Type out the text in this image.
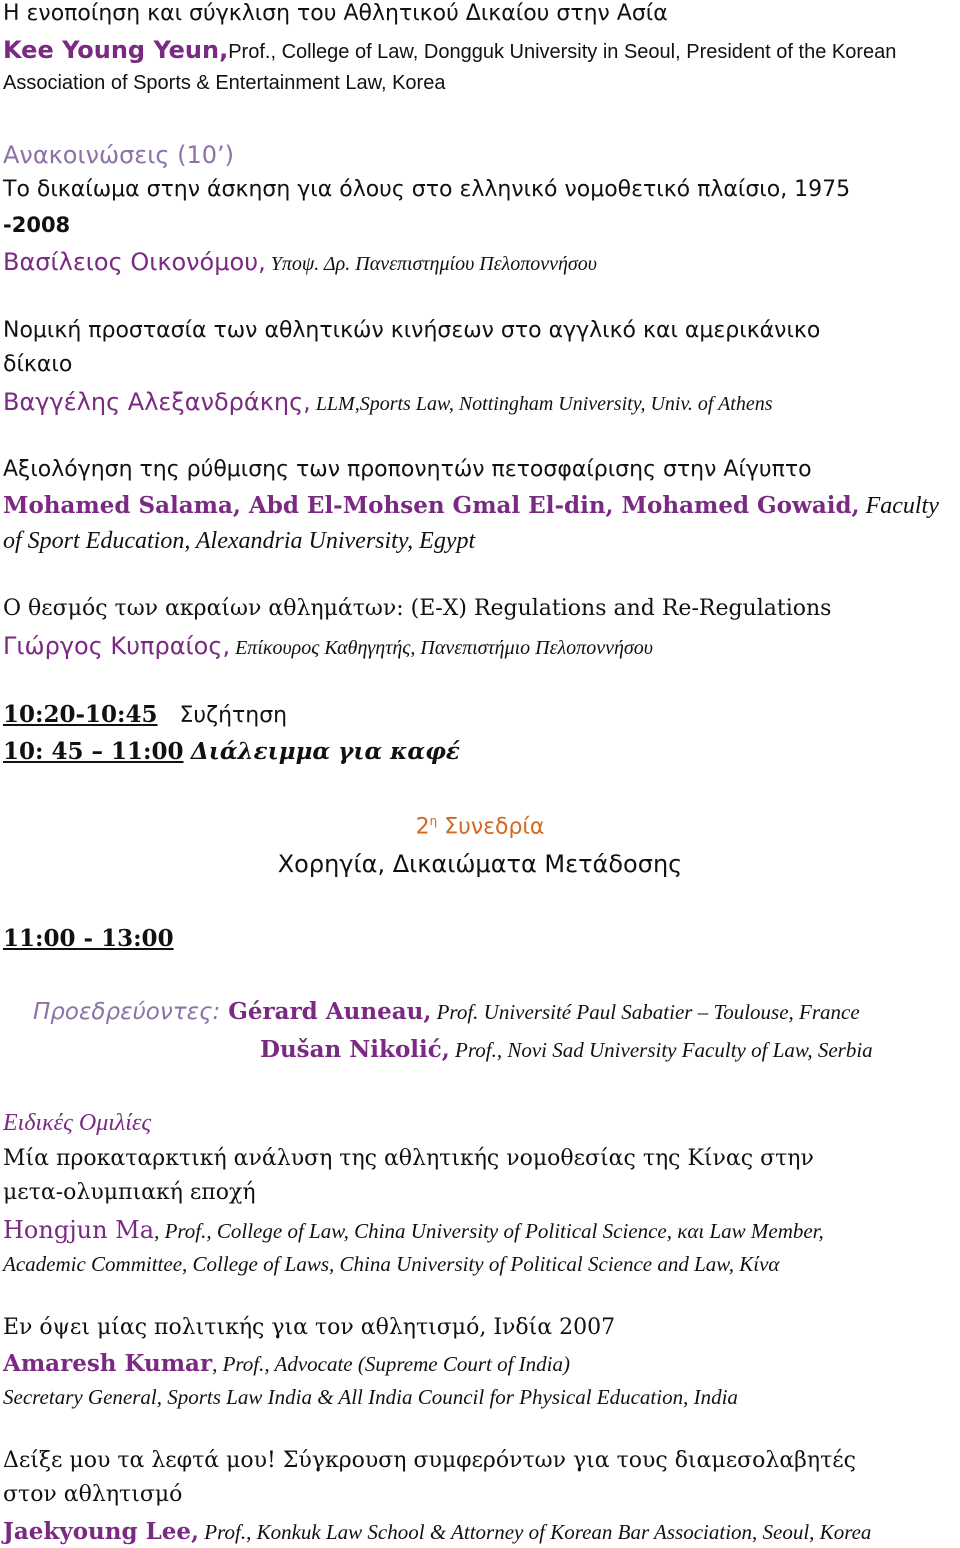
Η ενοποίηση και σύγκλιση του Αθλητικού Δικαίου στην Ασία
Kee Young Yeun,Prof., College of Law, Dongguk University in Seoul, President of the Korean
Association of Sports & Entertainment Law, Korea
Ανακοινώσεις (10’)
Το δικαίωμα στην άσκηση για όλους στο ελληνικό νομοθετικό πλαίσιο, 1975
-2008
Βασίλειος Οικονόμου, Υποψ. Δρ. Πανεπιστημίου Πελοποννήσου
Νομική προστασία των αθλητικών κινήσεων στο αγγλικό και αμερικάνικο
δίκαιο
Βαγγέλης Αλεξανδράκης, LLM,Sports Law, Nottingham University, Univ. of Athens
Αξιολόγηση της ρύθμισης των προπονητών πετοσφαίρισης στην Αίγυπτο
Mohamed Salama, Abd El-Mohsen Gmal El-din, Mohamed Gowaid, Faculty
of Sport Education, Alexandria University, Egypt
Ο θεσμός των ακραίων αθλημάτων: (Ε-Χ) Regulations and Re-Regulations
Γιώργος Κυπραίος, Επίκουρος Καθηγητής, Πανεπιστήμιο Πελοποννήσου
10:20-10:45 Συζήτηση
10: 45 – 11:00 Διάλειμμα για καφέ
$2^\eta$ Συνεδρία
Χορηγία, Δικαιώματα Μετάδοσης
11:00 - 13:00
Προεδρεύοντες: Gérard Auneau, Prof. Université Paul Sabatier – Toulouse, France
Dušan Nikolić, Prof., Novi Sad University Faculty of Law, Serbia
Ειδικές Ομιλίες
Μία προκαταρκτική ανάλυση της αθλητικής νομοθεσίας της Κίνας στην
μετα-ολυμπιακή εποχή
Hongjun Ma, Prof., College of Law, China University of Political Science, και Law Member,
Academic Committee, College of Laws, China University of Political Science and Law, Κίνα
Εν όψει μίας πολιτικής για τον αθλητισμό, Ινδία 2007
Amaresh Kumar, Prof., Advocate (Supreme Court of India)
Secretary General, Sports Law India & All India Council for Physical Education, India
Δείξε μου τα λεφτά μου! Σύγκρουση συμφερόντων για τους διαμεσολαβητές
στον αθλητισμό
Jaekyoung Lee, Prof., Konkuk Law School & Attorney of Korean Bar Association, Seoul, Korea
